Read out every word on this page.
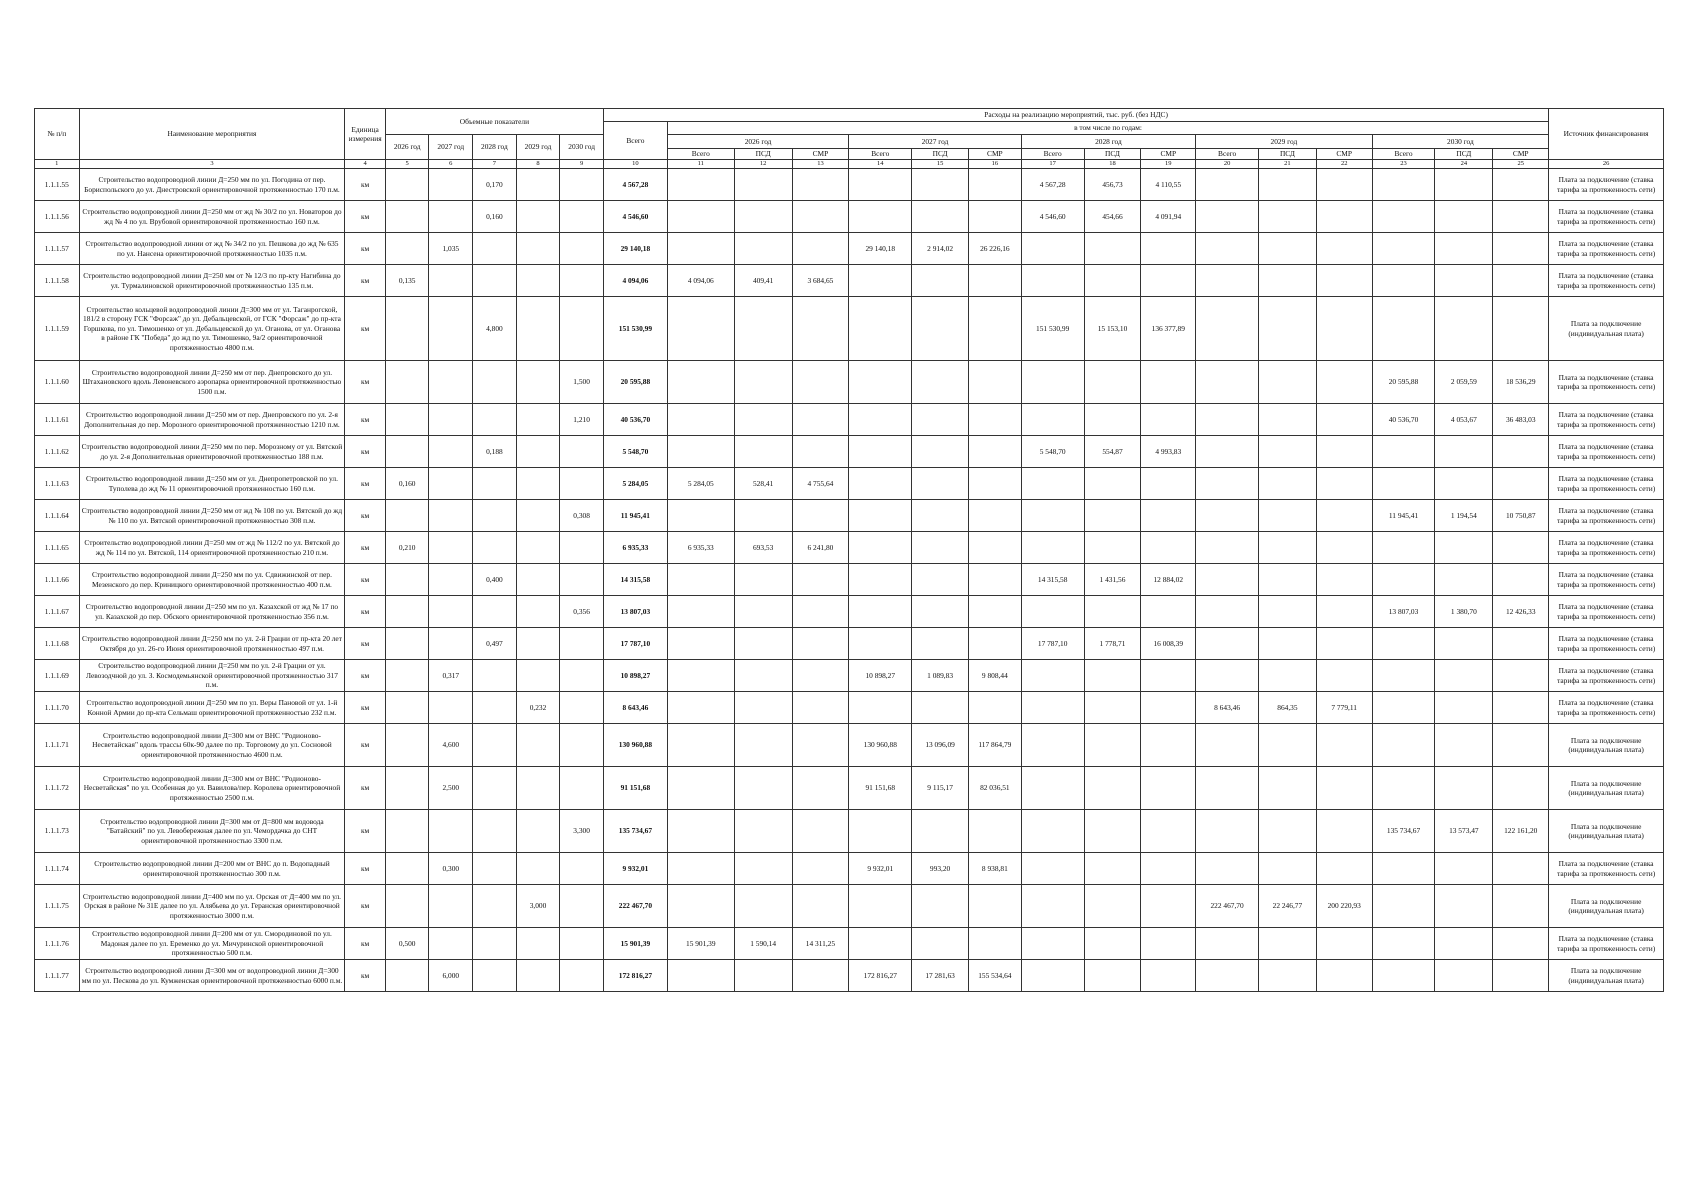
№ п/п	Наименование мероприятия	Единица измерения	Объемные показатели					Расходы на реализацию мероприятий, тыс. руб. (без НДС)																Источник финансирования
								Всего	в том числе по годам:															
			2026 год	2027 год	2028 год	2029 год	2030 год		2026 год			2027 год			2028 год			2029 год			2030 год			
									Всего	ПСД	СМР	Всего	ПСД	СМР	Всего	ПСД	СМР	Всего	ПСД	СМР	Всего	ПСД	СМР	
1	3	4	5	6	7	8	9	10	11	12	13	14	15	16	17	18	19	20	21	22	23	24	25	26
1.1.1.55	Строительство водопроводной линии Д=250 мм по ул. Погодина от пер. Бориспольского до ул. Днестровской ориентировочной протяженностью 170 п.м.	км			0,170			4 567,28							4 567,28	456,73	4 110,55							Плата за подключение (ставка тарифа за протяженность сети)
1.1.1.56	Строительство водопроводной линии Д=250 мм от жд № 30/2 по ул. Новаторов до жд № 4 по ул. Врубовой ориентировочной протяженностью 160 п.м.	км			0,160			4 546,60							4 546,60	454,66	4 091,94							Плата за подключение (ставка тарифа за протяженность сети)
1.1.1.57	Строительство водопроводной линии от жд № 34/2 по ул. Пешкова до жд № 635 по ул. Нансена ориентировочной протяженностью 1035 п.м.	км		1,035				29 140,18				29 140,18	2 914,02	26 226,16										Плата за подключение (ставка тарифа за протяженность сети)
1.1.1.58	Строительство водопроводной линии Д=250 мм от № 12/3 по пр-кту Нагибина до ул. Турмалиновской ориентировочной протяженностью 135 п.м.	км	0,135					4 094,06	4 094,06	409,41	3 684,65													Плата за подключение (ставка тарифа за протяженность сети)
1.1.1.59	Строительство кольцевой водопроводной линии Д=300 мм от ул. Таганрогской, 181/2 в сторону ГСК "Форсаж" до ул. Дебальцевской, от ГСК "Форсаж" до пр-кта Горшкова, по ул. Тимошенко от ул. Дебальцевской до ул. Оганова, от ул. Оганова в районе ГК "Победа" до жд по ул. Тимошенко, 9а/2 ориентировочной протяженностью 4800 п.м.	км			4,800			151 530,99							151 530,99	15 153,10	136 377,89							Плата за подключение (индивидуальная плата)
1.1.1.60	Строительство водопроводной линии Д=250 мм от пер. Днепровского до ул. Штахановского вдоль Левоневского аэропарка ориентировочной протяженностью 1500 п.м.	км					1,500	20 595,88													20 595,88	2 059,59	18 536,29	Плата за подключение (ставка тарифа за протяженность сети)
1.1.1.61	Строительство водопроводной линии Д=250 мм от пер. Днепровского по ул. 2-я Дополнительная до пер. Морозного ориентировочной протяженностью 1210 п.м.	км					1,210	40 536,70													40 536,70	4 053,67	36 483,03	Плата за подключение (ставка тарифа за протяженность сети)
1.1.1.62	Строительство водопроводной линии Д=250 мм по пер. Морозному от ул. Вятской до ул. 2-я Дополнительная ориентировочной протяженностью 188 п.м.	км			0,188			5 548,70							5 548,70	554,87	4 993,83							Плата за подключение (ставка тарифа за протяженность сети)
1.1.1.63	Строительство водопроводной линии Д=250 мм от ул. Днепропетровской по ул. Туполева до жд № 11 ориентировочной протяженностью 160 п.м.	км	0,160					5 284,05	5 284,05	528,41	4 755,64													Плата за подключение (ставка тарифа за протяженность сети)
1.1.1.64	Строительство водопроводной линии Д=250 мм от жд № 108 по ул. Вятской до жд № 110 по ул. Вятской ориентировочной протяженностью 308 п.м.	км					0,308	11 945,41													11 945,41	1 194,54	10 750,87	Плата за подключение (ставка тарифа за протяженность сети)
1.1.1.65	Строительство водопроводной линии Д=250 мм от жд № 112/2 по ул. Вятской до жд № 114 по ул. Вятской, 114 ориентировочной протяженностью 210 п.м.	км	0,210					6 935,33	6 935,33	693,53	6 241,80													Плата за подключение (ставка тарифа за протяженность сети)
1.1.1.66	Строительство водопроводной линии Д=250 мм по ул. Сдвижинской от пер. Мезенского до пер. Криницкого ориентировочной протяженностью 400 п.м.	км			0,400			14 315,58							14 315,58	1 431,56	12 884,02							Плата за подключение (ставка тарифа за протяженность сети)
1.1.1.67	Строительство водопроводной линии Д=250 мм по ул. Казахской от жд № 17 по ул. Казахской до пер. Обского ориентировочной протяженностью 356 п.м.	км					0,356	13 807,03													13 807,03	1 380,70	12 426,33	Плата за подключение (ставка тарифа за протяженность сети)
1.1.1.68	Строительство водопроводной линии Д=250 мм по ул. 2-й Грацни от пр-кта 20 лет Октября до ул. 26-го Июня ориентировочной протяженностью 497 п.м.	км			0,497			17 787,10							17 787,10	1 778,71	16 008,39							Плата за подключение (ставка тарифа за протяженность сети)
1.1.1.69	Строительство водопроводной линии Д=250 мм по ул. 2-й Грацни от ул. Левозодчной до ул. З. Космодемьянской ориентировочной протяженностью 317 п.м.	км		0,317				10 898,27				10 898,27	1 089,83	9 808,44										Плата за подключение (ставка тарифа за протяженность сети)
1.1.1.70	Строительство водопроводной линии Д=250 мм по ул. Веры Пановой от ул. 1-й Конной Армии до пр-кта Сельмаш ориентировочной протяженностью 232 п.м.	км				0,232		8 643,46										8 643,46	864,35	7 779,11				Плата за подключение (ставка тарифа за протяженность сети)
1.1.1.71	Строительство водопроводной линии Д=300 мм от ВНС "Родионово-Несветайская" вдоль трассы 60к-90 далее по пр. Торговому до ул. Сосновой ориентировочной протяженностью 4600 п.м.	км		4,600				130 960,88				130 960,88	13 096,09	117 864,79										Плата за подключение (индивидуальная плата)
1.1.1.72	Строительство водопроводной линии Д=300 мм от ВНС "Родионово-Несветайская" по ул. Особенная до ул. Вавилова/пер. Королева ориентировочной протяженностью 2500 п.м.	км		2,500				91 151,68				91 151,68	9 115,17	82 036,51										Плата за подключение (индивидуальная плата)
1.1.1.73	Строительство водопроводной линии Д=300 мм от Д=800 мм водовода "Батайский" по ул. Левобережная далее по ул. Чемордачка до СНТ ориентировочной протяженностью 3300 п.м.	км					3,300	135 734,67													135 734,67	13 573,47	122 161,20	Плата за подключение (индивидуальная плата)
1.1.1.74	Строительство водопроводной линии Д=200 мм от ВНС до п. Водопадный ориентировочной протяженностью 300 п.м.	км		0,300				9 932,01				9 932,01	993,20	8 938,81										Плата за подключение (ставка тарифа за протяженность сети)
1.1.1.75	Строительство водопроводной линии Д=400 мм по ул. Орская от Д=400 мм по ул. Орская в районе № 31Е далее по ул. Алябьева до ул. Геранская ориентировочной протяженностью 3000 п.м.	км				3,000		222 467,70										222 467,70	22 246,77	200 220,93				Плата за подключение (индивидуальная плата)
1.1.1.76	Строительство водопроводной линии Д=200 мм от ул. Смородиновой по ул. Мадоная далее по ул. Еременко до ул. Мичуринской ориентировочной протяженностью 500 п.м.	км	0,500					15 901,39	15 901,39	1 590,14	14 311,25													Плата за подключение (ставка тарифа за протяженность сети)
1.1.1.77	Строительство водопроводной линии Д=300 мм от водопроводной линии Д=300 мм по ул. Пескова до ул. Кумженская ориентировочной протяженностью 6000 п.м.	км		6,000				172 816,27				172 816,27	17 281,63	155 534,64										Плата за подключение (индивидуальная плата)
